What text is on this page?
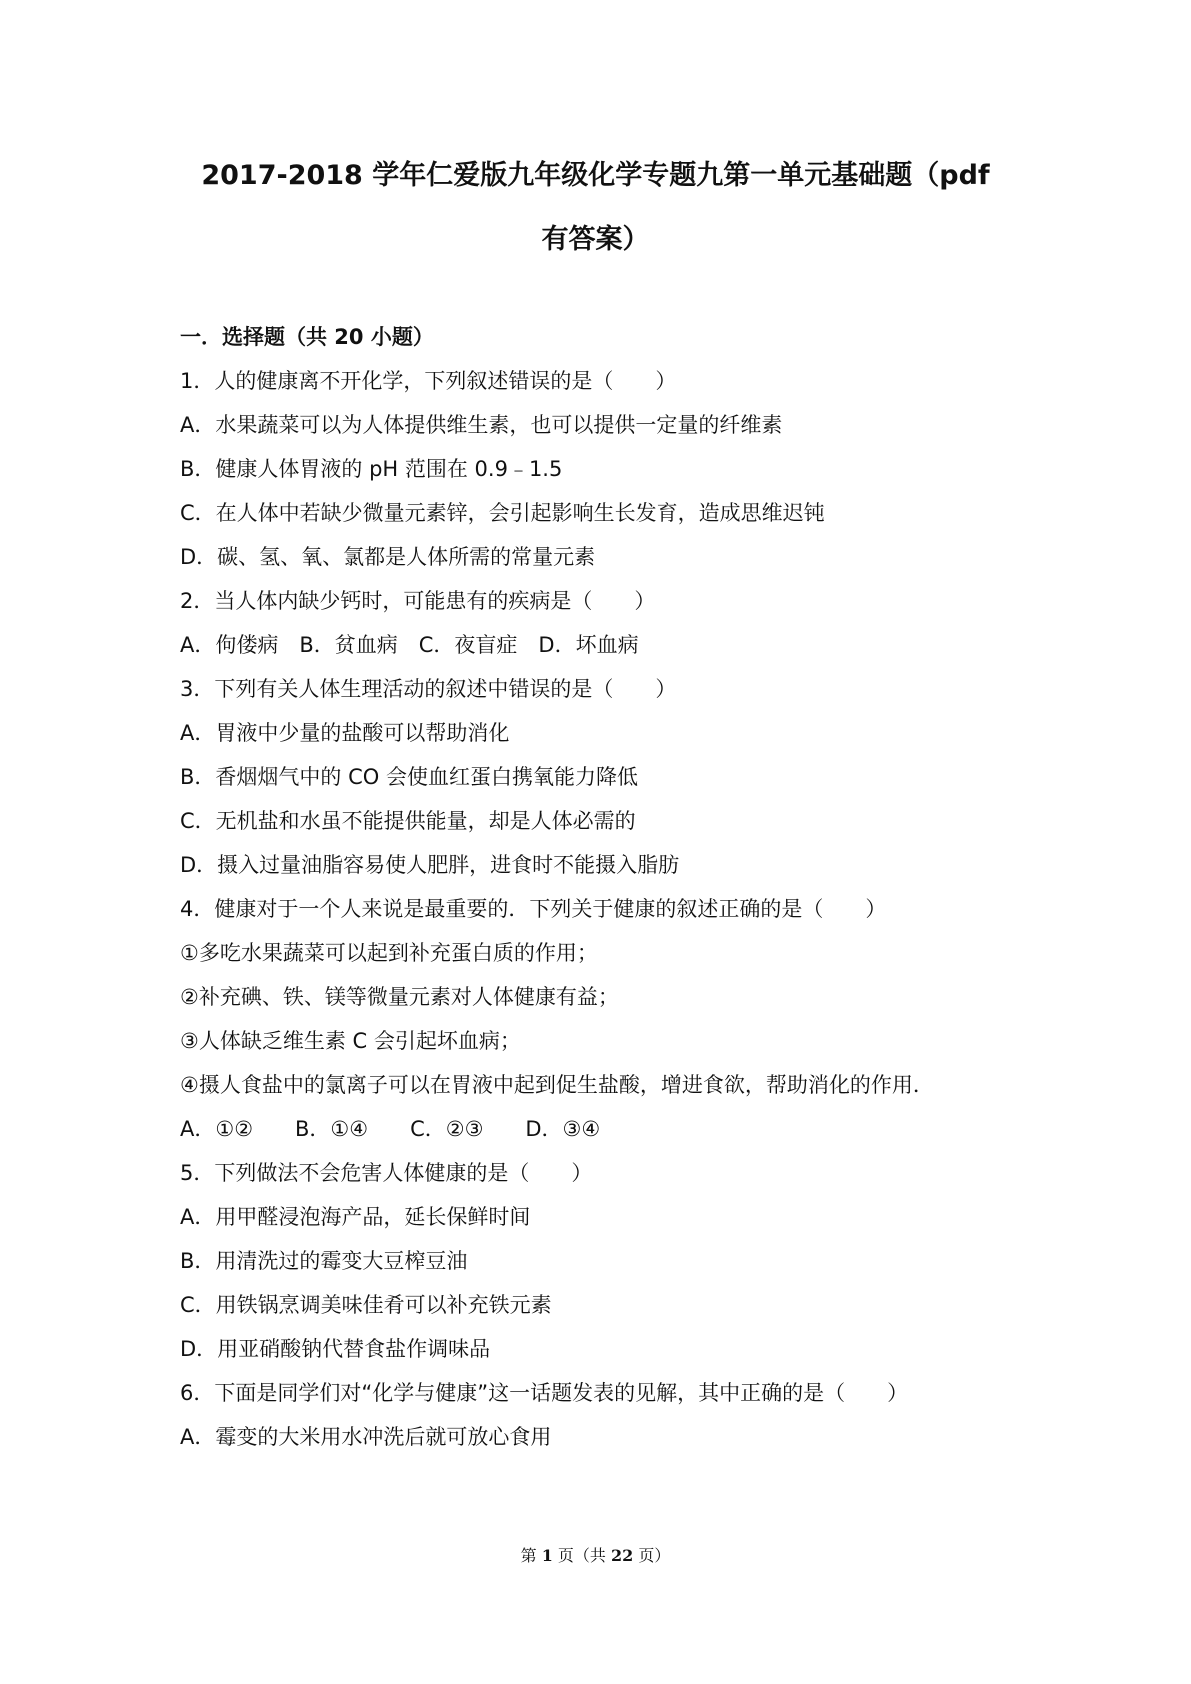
2017-2018 学年仁爱版九年级化学专题九第一单元基础题（pdf
有答案）
一．选择题（共 20 小题）
1．人的健康离不开化学，下列叙述错误的是（　　）
A．水果蔬菜可以为人体提供维生素，也可以提供一定量的纤维素
B．健康人体胃液的 pH 范围在 0.9﹣1.5
C．在人体中若缺少微量元素锌，会引起影响生长发育，造成思维迟钝
D．碳、氢、氧、氯都是人体所需的常量元素
2．当人体内缺少钙时，可能患有的疾病是（　　）
A．佝偻病　B．贫血病　C．夜盲症　D．坏血病
3．下列有关人体生理活动的叙述中错误的是（　　）
A．胃液中少量的盐酸可以帮助消化
B．香烟烟气中的 CO 会使血红蛋白携氧能力降低
C．无机盐和水虽不能提供能量，却是人体必需的
D．摄入过量油脂容易使人肥胖，进食时不能摄入脂肪
4．健康对于一个人来说是最重要的．下列关于健康的叙述正确的是（　　）
①多吃水果蔬菜可以起到补充蛋白质的作用；
②补充碘、铁、镁等微量元素对人体健康有益；
③人体缺乏维生素 C 会引起坏血病；
④摄人食盐中的氯离子可以在胃液中起到促生盐酸，增进食欲，帮助消化的作用．
A．①②　　B．①④　　C．②③　　D．③④
5．下列做法不会危害人体健康的是（　　）
A．用甲醛浸泡海产品，延长保鲜时间
B．用清洗过的霉变大豆榨豆油
C．用铁锅烹调美味佳肴可以补充铁元素
D．用亚硝酸钠代替食盐作调味品
6．下面是同学们对“化学与健康”这一话题发表的见解，其中正确的是（　　）
A．霉变的大米用水冲洗后就可放心食用
第 1 页（共 22 页）
